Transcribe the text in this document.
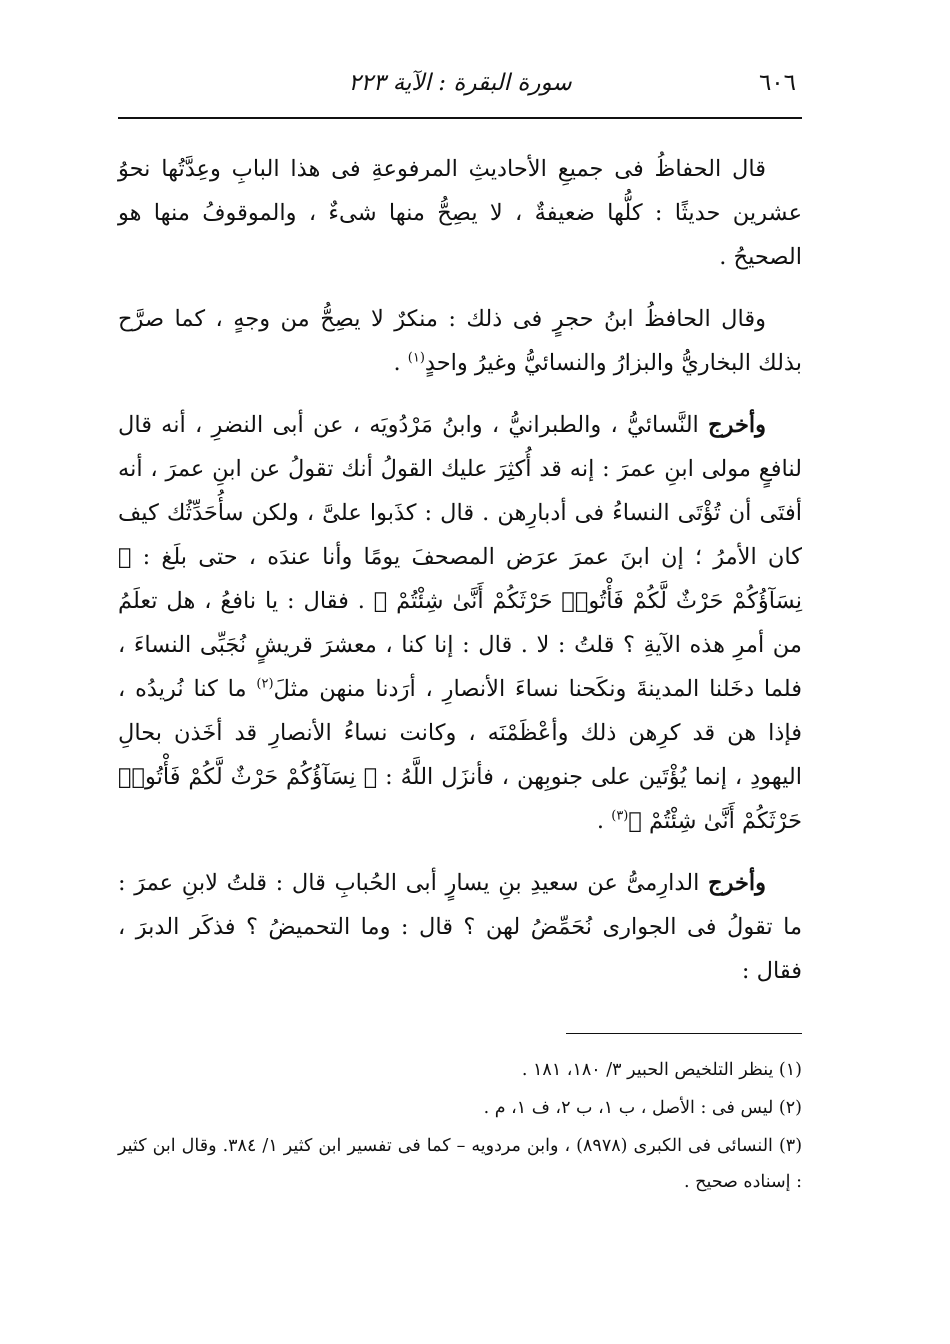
٦٠٦
سورة البقرة : الآية ٢٢٣

قال الحفاظُ فى جميعِ الأحاديثِ المرفوعةِ فى هذا البابِ وعِدَّتُها نحوُ عشرين حديثًا : كلُّها ضعيفةٌ ، لا يصِحُّ منها شىءٌ ، والموقوفُ منها هو الصحيحُ .

وقال الحافظُ ابنُ حجرٍ فى ذلك : منكرٌ لا يصِحُّ من وجهٍ ، كما صرَّح بذلك البخاريُّ والبزارُ والنسائيُّ وغيرُ واحدٍ$^{(١)}$ .

وأخرج النَّسائيُّ ، والطبرانيُّ ، وابنُ مَرْدُويَه ، عن أبى النضرِ ، أنه قال لنافعٍ مولى ابنِ عمرَ : إنه قد أُكثِرَ عليك القولُ أنك تقولُ عن ابنِ عمرَ ، أنه أفتَى أن تُؤْتَى النساءُ فى أدبارِهن . قال : كذَبوا علىَّ ، ولكن سأُحَدِّثُك كيف كان الأمرُ ؛ إن ابنَ عمرَ عرَض المصحفَ يومًا وأنا عندَه ، حتى بلَغ : ﴿ نِسَآؤُكُمْ حَرْثٌ لَّكُمْ فَأْتُوا۟ حَرْثَكُمْ أَنَّىٰ شِئْتُمْ ﴾ . فقال : يا نافعُ ، هل تعلَمُ من أمرِ هذه الآيةِ ؟ قلتُ : لا . قال : إنا كنا ، معشرَ قريشٍ نُجَبِّى النساءَ ، فلما دخَلنا المدينةَ ونكَحنا نساءَ الأنصارِ ، أرَدنا منهن مثلَ$^{(٢)}$ ما كنا نُريدُه ، فإذا هن قد كرِهن ذلك وأعْظَمْنَه ، وكانت نساءُ الأنصارِ قد أخَذن بحالِ اليهودِ ، إنما يُؤْتَين على جنوبِهن ، فأنزَل اللَّهُ : ﴿ نِسَآؤُكُمْ حَرْثٌ لَّكُمْ فَأْتُوا۟ حَرْثَكُمْ أَنَّىٰ شِئْتُمْ ﴾$^{(٣)}$ .

وأخرج الدارِمىُّ عن سعيدِ بنِ يسارٍ أبى الحُبابِ قال : قلتُ لابنِ عمرَ : ما تقولُ فى الجوارى نُحَمِّضُ لهن ؟ قال : وما التحميضُ ؟ فذكَر الدبرَ ، فقال :

(١) ينظر التلخيص الحبير ٣/ ١٨٠، ١٨١ .

(٢) ليس فى : الأصل ، ب ١، ب ٢، ف ١، م .

(٣) النسائى فى الكبرى (٨٩٧٨) ، وابن مردويه – كما فى تفسير ابن كثير ١/ ٣٨٤. وقال ابن كثير : إسناده صحيح .
